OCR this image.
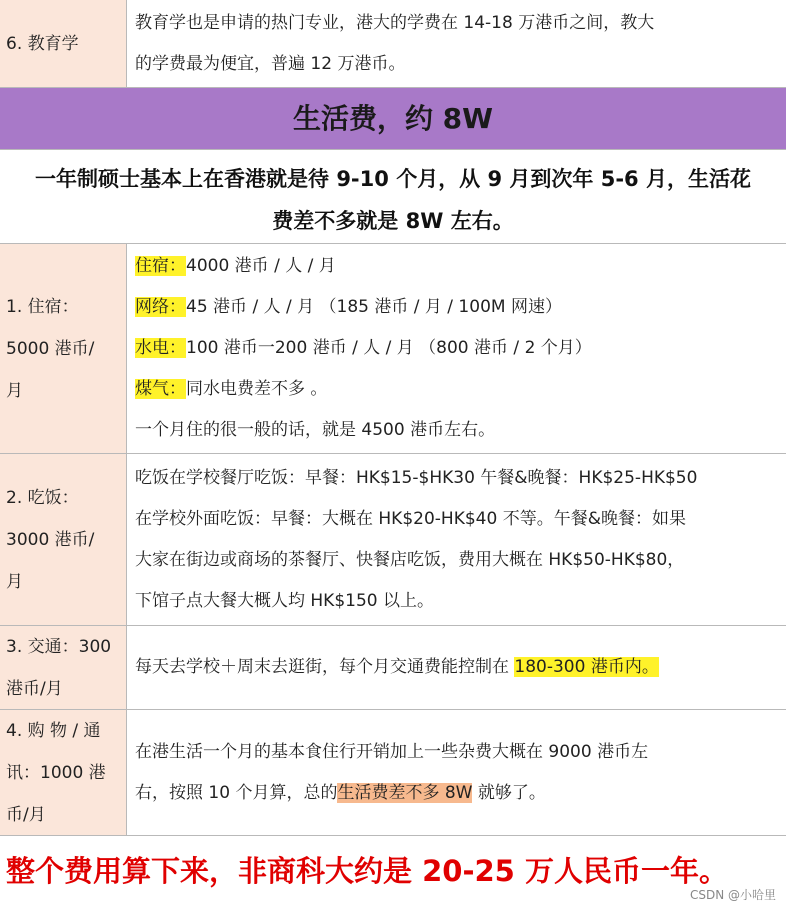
6. 教育学
教育学也是申请的热门专业，港大的学费在 14-18 万港币之间，教大
的学费最为便宜，普遍 12 万港币。
生活费，约 8W
一年制硕士基本上在香港就是待 9-10 个月，从 9 月到次年 5-6 月，生活花
费差不多就是 8W 左右。
1. 住宿：
5000 港币/
月
住宿：4000 港币 / 人 / 月
网络：45 港币 / 人 / 月 （185 港币 / 月 / 100M 网速）
水电：100 港币一200 港币 / 人 / 月 （800 港币 / 2 个月）
煤气：同水电费差不多 。
一个月住的很一般的话，就是 4500 港币左右。
2. 吃饭：
3000 港币/
月
吃饭在学校餐厅吃饭：早餐：HK$15-$HK30 午餐&晚餐：HK$25-HK$50
在学校外面吃饭：早餐：大概在 HK$20-HK$40 不等。午餐&晚餐：如果
大家在街边或商场的茶餐厅、快餐店吃饭，费用大概在 HK$50-HK$80，
下馆子点大餐大概人均 HK$150 以上。
3. 交通：300
港币/月
每天去学校＋周末去逛街，每个月交通费能控制在 180-300 港币内。
4. 购 物 / 通
讯：1000 港
币/月
在港生活一个月的基本食住行开销加上一些杂费大概在 9000 港币左
右，按照 10 个月算，总的生活费差不多 8W 就够了。
整个费用算下来，非商科大约是 20-25 万人民币一年。
CSDN @小哈里
